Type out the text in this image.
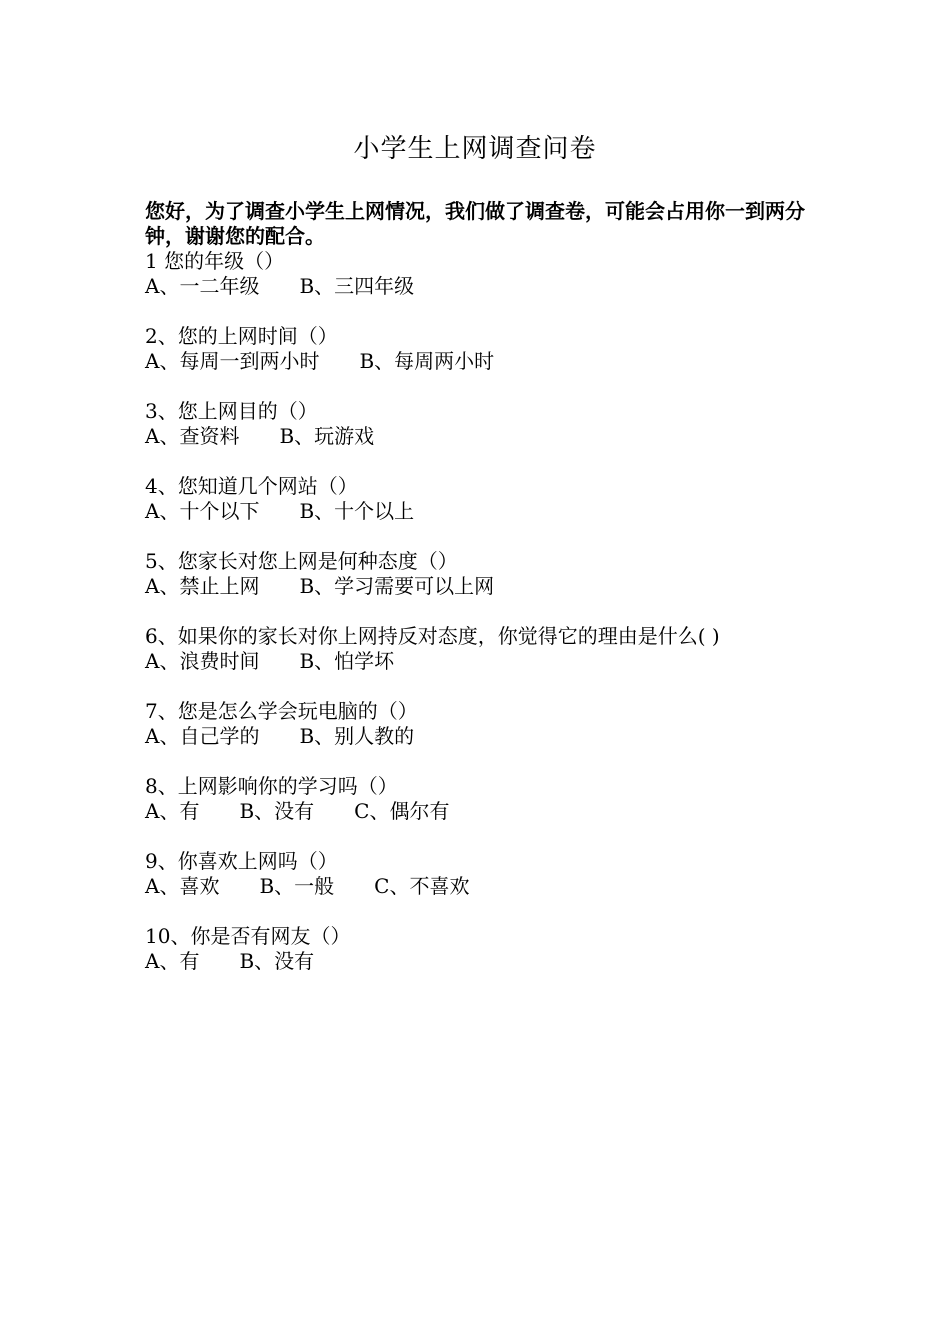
小学生上网调查问卷
您好，为了调查小学生上网情况，我们做了调查卷，可能会占用你一到两分钟，谢谢您的配合。
1 您的年级（）
A、一二年级 B、三四年级
2、您的上网时间（）
A、每周一到两小时 B、每周两小时
3、您上网目的（）
A、查资料 B、玩游戏
4、您知道几个网站（）
A、十个以下 B、十个以上
5、您家长对您上网是何种态度（）
A、禁止上网 B、学习需要可以上网
6、如果你的家长对你上网持反对态度，你觉得它的理由是什么( )
A、浪费时间 B、怕学坏
7、您是怎么学会玩电脑的（）
A、自己学的 B、别人教的
8、上网影响你的学习吗（）
A、有 B、没有 C、偶尔有
9、你喜欢上网吗（）
A、喜欢 B、一般 C、不喜欢
10、你是否有网友（）
A、有 B、没有
